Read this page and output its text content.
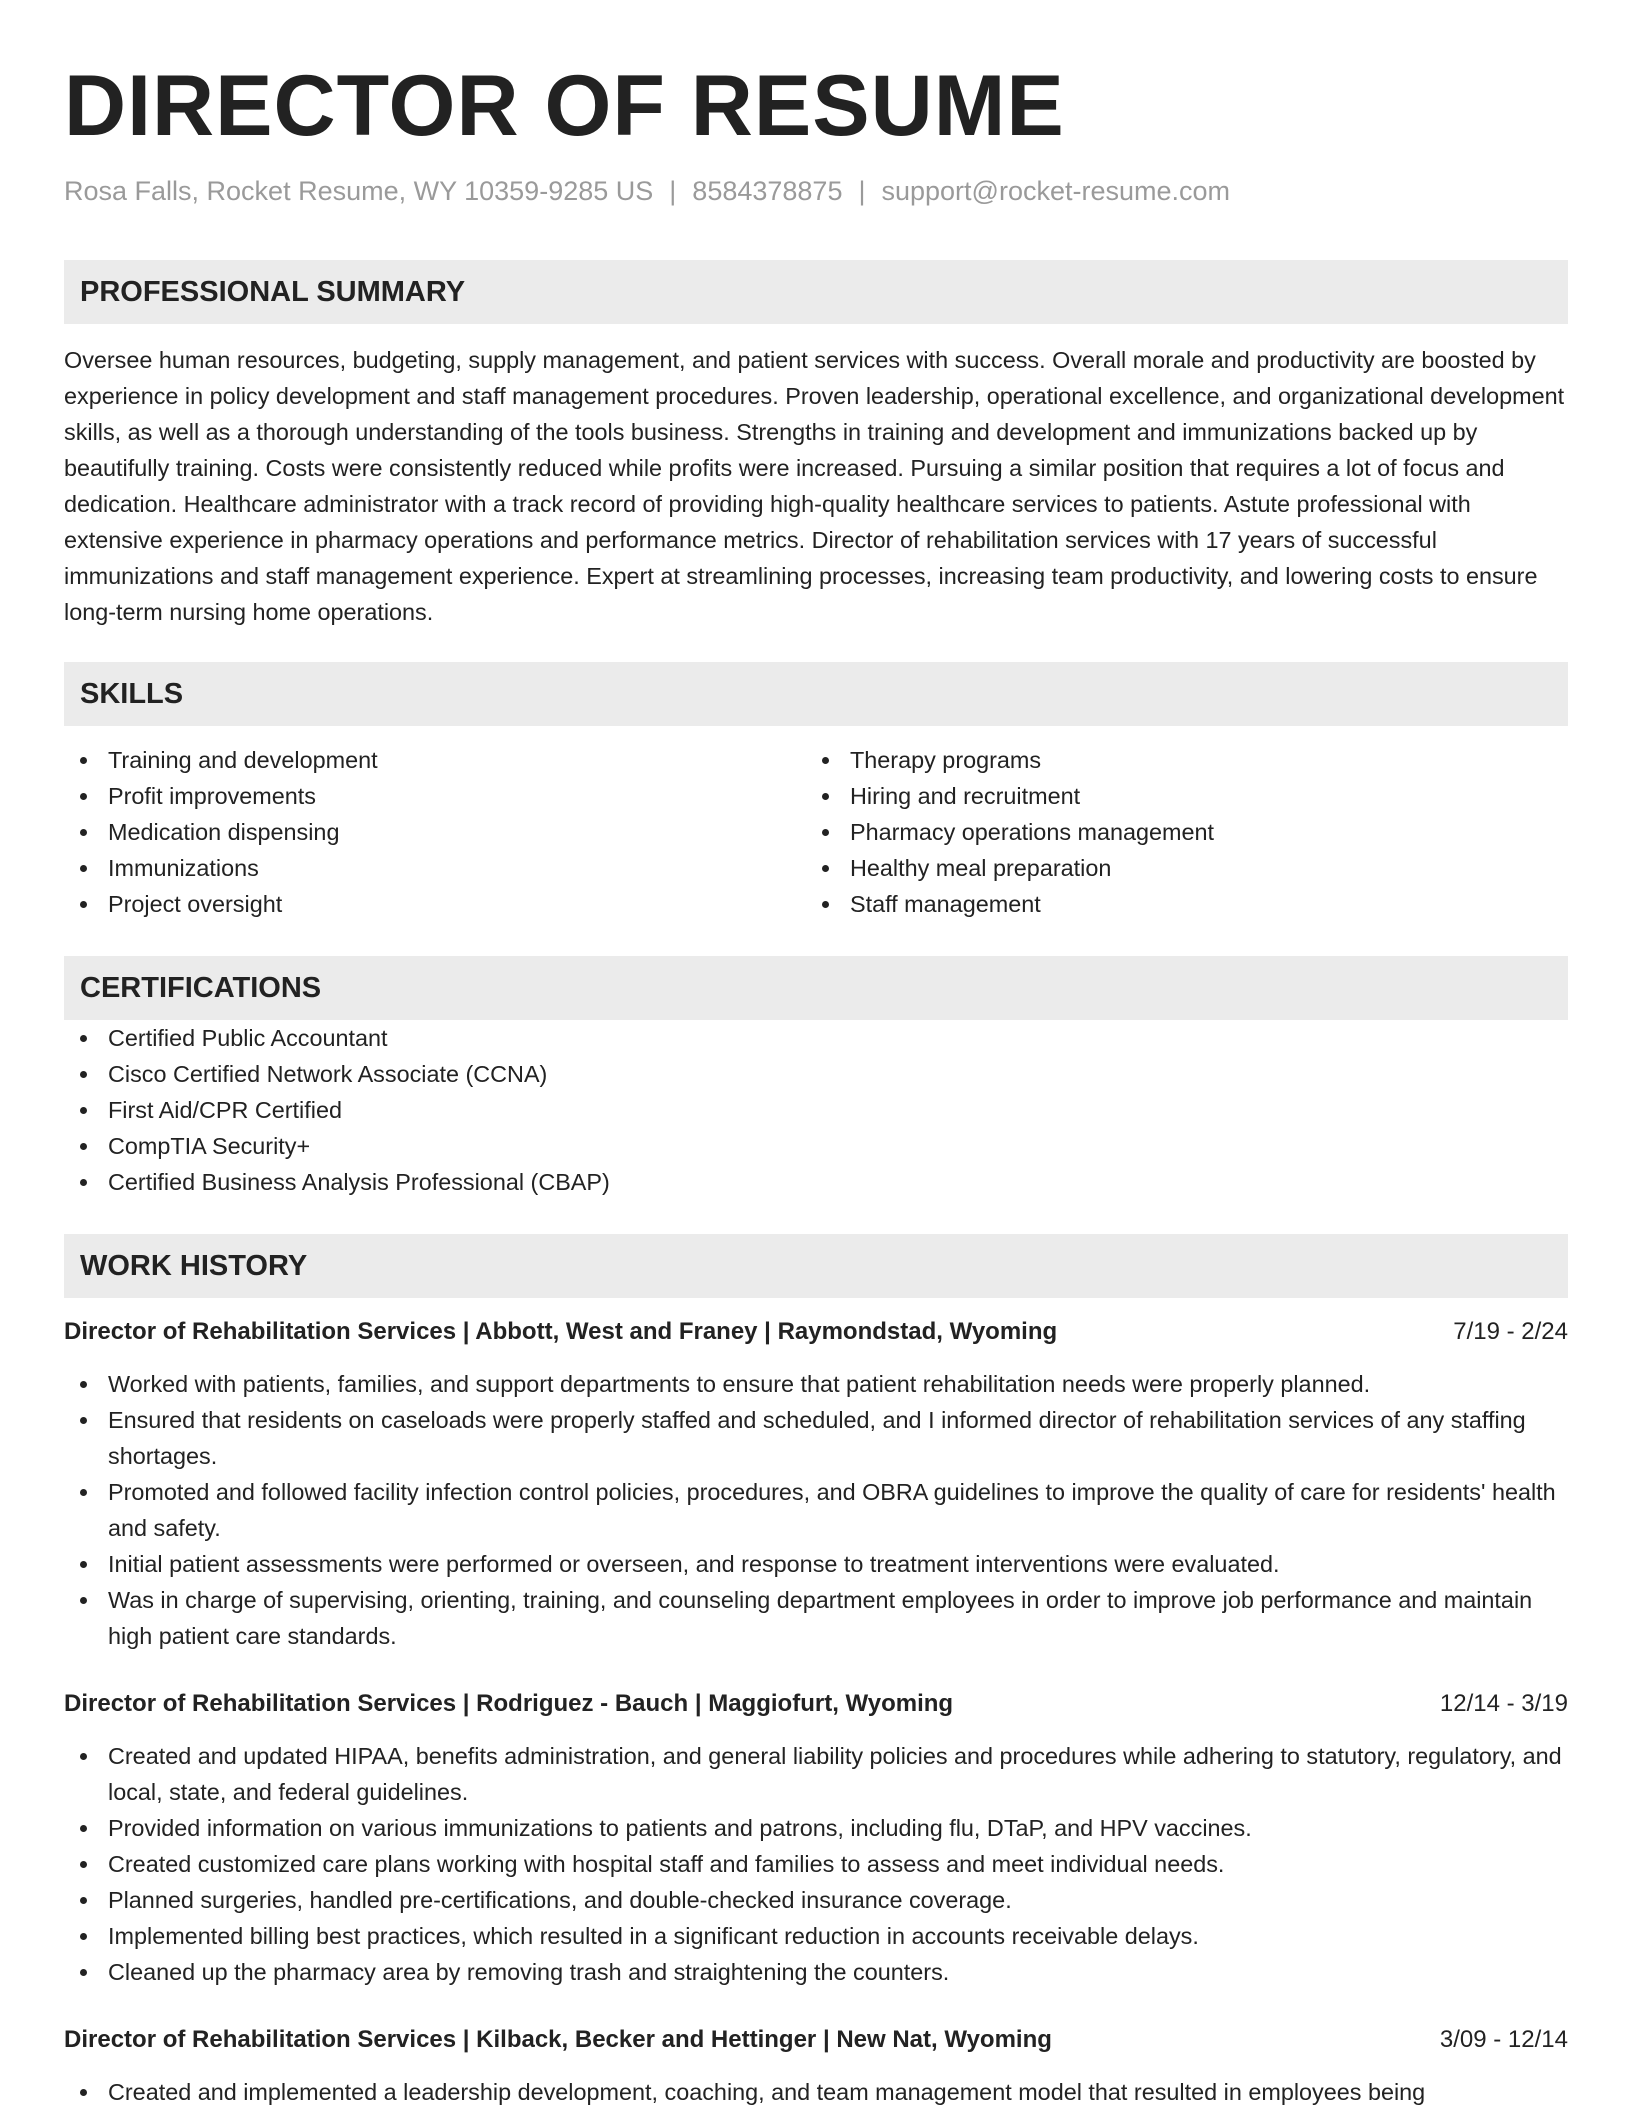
DIRECTOR OF RESUME
Rosa Falls, Rocket Resume, WY 10359-9285 US | 8584378875 | support@rocket-resume.com
PROFESSIONAL SUMMARY

Oversee human resources, budgeting, supply management, and patient services with success. Overall morale and productivity are boosted by experience in policy development and staff management procedures. Proven leadership, operational excellence, and organizational development skills, as well as a thorough understanding of the tools business. Strengths in training and development and immunizations backed up by beautifully training. Costs were consistently reduced while profits were increased. Pursuing a similar position that requires a lot of focus and dedication. Healthcare administrator with a track record of providing high-quality healthcare services to patients. Astute professional with extensive experience in pharmacy operations and performance metrics. Director of rehabilitation services with 17 years of successful immunizations and staff management experience. Expert at streamlining processes, increasing team productivity, and lowering costs to ensure long-term nursing home operations.

SKILLS
Training and development
Profit improvements
Medication dispensing
Immunizations
Project oversight
Therapy programs
Hiring and recruitment
Pharmacy operations management
Healthy meal preparation
Staff management
CERTIFICATIONS
Certified Public Accountant
Cisco Certified Network Associate (CCNA)
First Aid/CPR Certified
CompTIA Security+
Certified Business Analysis Professional (CBAP)
WORK HISTORY
Director of Rehabilitation Services | Abbott, West and Franey | Raymondstad, Wyoming	7/19 - 2/24
Worked with patients, families, and support departments to ensure that patient rehabilitation needs were properly planned.
Ensured that residents on caseloads were properly staffed and scheduled, and I informed director of rehabilitation services of any staffing shortages.
Promoted and followed facility infection control policies, procedures, and OBRA guidelines to improve the quality of care for residents' health and safety.
Initial patient assessments were performed or overseen, and response to treatment interventions were evaluated.
Was in charge of supervising, orienting, training, and counseling department employees in order to improve job performance and maintain high patient care standards.
Director of Rehabilitation Services | Rodriguez - Bauch | Maggiofurt, Wyoming	12/14 - 3/19
Created and updated HIPAA, benefits administration, and general liability policies and procedures while adhering to statutory, regulatory, and local, state, and federal guidelines.
Provided information on various immunizations to patients and patrons, including flu, DTaP, and HPV vaccines.
Created customized care plans working with hospital staff and families to assess and meet individual needs.
Planned surgeries, handled pre-certifications, and double-checked insurance coverage.
Implemented billing best practices, which resulted in a significant reduction in accounts receivable delays.
Cleaned up the pharmacy area by removing trash and straightening the counters.
Director of Rehabilitation Services | Kilback, Becker and Hettinger | New Nat, Wyoming	3/09 - 12/14
Created and implemented a leadership development, coaching, and team management model that resulted in employees being
